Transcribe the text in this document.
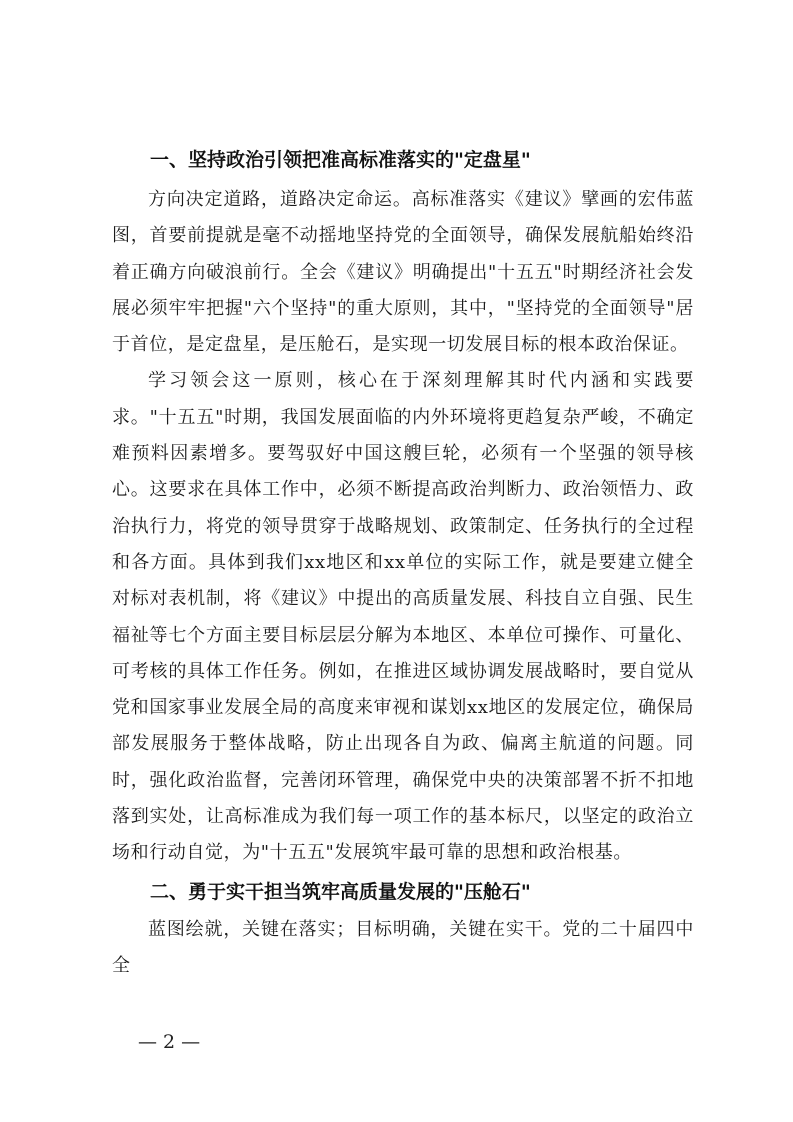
一、坚持政治引领把准高标准落实的"定盘星"

方向决定道路，道路决定命运。高标准落实《建议》擘画的宏伟蓝图，首要前提就是毫不动摇地坚持党的全面领导，确保发展航船始终沿着正确方向破浪前行。全会《建议》明确提出"十五五"时期经济社会发展必须牢牢把握"六个坚持"的重大原则，其中，"坚持党的全面领导"居于首位，是定盘星，是压舱石，是实现一切发展目标的根本政治保证。

学习领会这一原则，核心在于深刻理解其时代内涵和实践要求。"十五五"时期，我国发展面临的内外环境将更趋复杂严峻，不确定难预料因素增多。要驾驭好中国这艘巨轮，必须有一个坚强的领导核心。这要求在具体工作中，必须不断提高政治判断力、政治领悟力、政治执行力，将党的领导贯穿于战略规划、政策制定、任务执行的全过程和各方面。具体到我们xx地区和xx单位的实际工作，就是要建立健全对标对表机制，将《建议》中提出的高质量发展、科技自立自强、民生福祉等七个方面主要目标层层分解为本地区、本单位可操作、可量化、可考核的具体工作任务。例如，在推进区域协调发展战略时，要自觉从党和国家事业发展全局的高度来审视和谋划xx地区的发展定位，确保局部发展服务于整体战略，防止出现各自为政、偏离主航道的问题。同时，强化政治监督，完善闭环管理，确保党中央的决策部署不折不扣地落到实处，让高标准成为我们每一项工作的基本标尺，以坚定的政治立场和行动自觉，为"十五五"发展筑牢最可靠的思想和政治根基。

二、勇于实干担当筑牢高质量发展的"压舱石"

蓝图绘就，关键在落实；目标明确，关键在实干。党的二十届四中全

— 2 —
